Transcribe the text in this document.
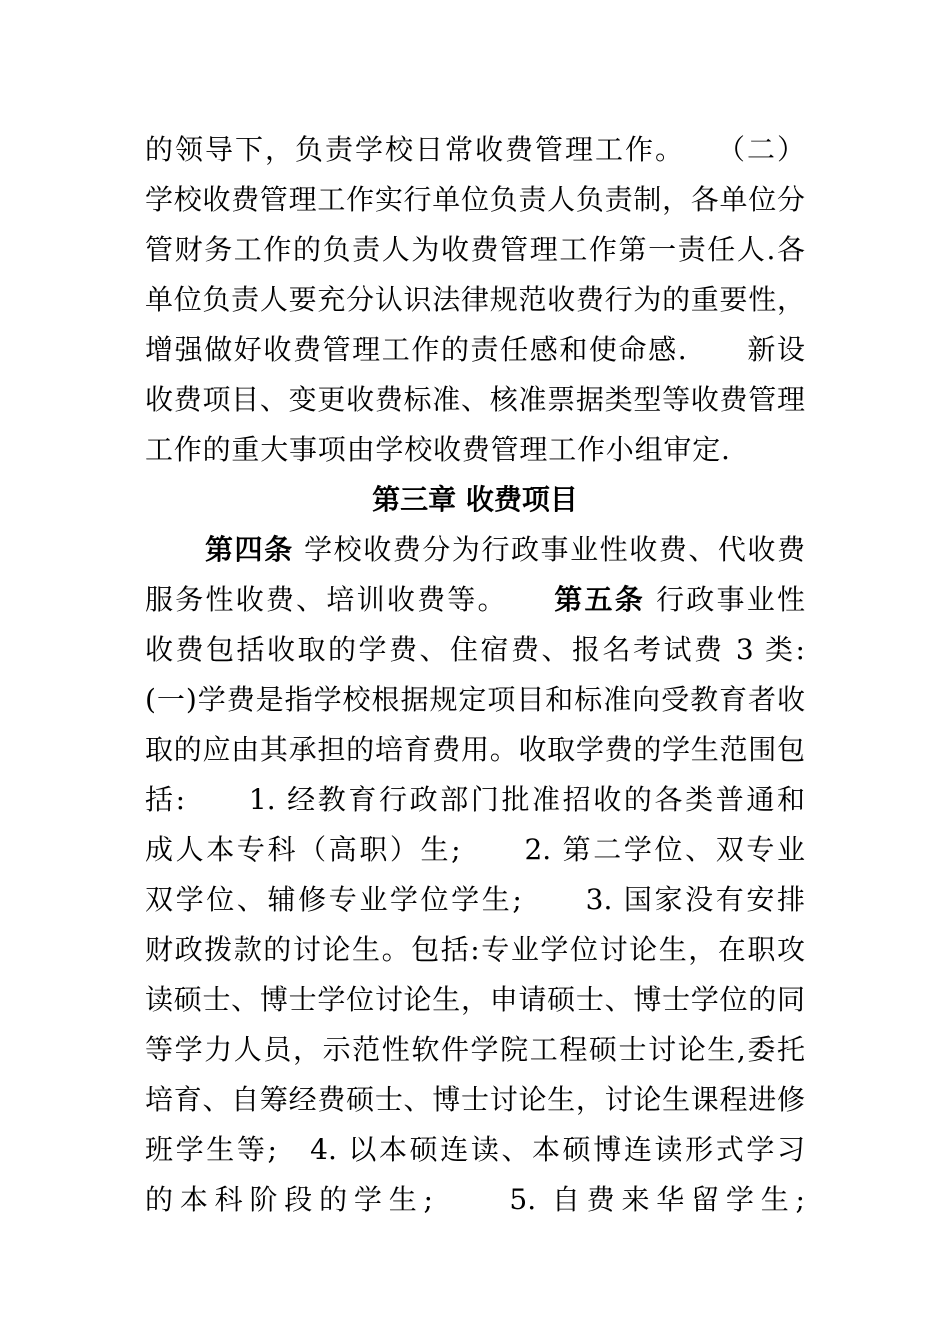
的领导下，负责学校日常收费管理工作。　　（二）
学校收费管理工作实行单位负责人负责制，各单位分
管财务工作的负责人为收费管理工作第一责任人.各
单位负责人要充分认识法律规范收费行为的重要性，
增强做好收费管理工作的责任感和使命感.　　新设
收费项目、变更收费标准、核准票据类型等收费管理
工作的重大事项由学校收费管理工作小组审定.
第三章 收费项目
第四条 学校收费分为行政事业性收费、代收费
服务性收费、培训收费等。　　第五条 行政事业性
收费包括收取的学费、住宿费、报名考试费 3 类:
(一)学费是指学校根据规定项目和标准向受教育者收
取的应由其承担的培育费用。收取学费的学生范围包
括:　　1. 经教育行政部门批准招收的各类普通和
成人本专科（高职）生;　　2. 第二学位、双专业
双学位、辅修专业学位学生;　　3. 国家没有安排
财政拨款的讨论生。包括:专业学位讨论生，在职攻
读硕士、博士学位讨论生，申请硕士、博士学位的同
等学力人员，示范性软件学院工程硕士讨论生,委托
培育、自筹经费硕士、博士讨论生，讨论生课程进修
班学生等;　4. 以本硕连读、本硕博连读形式学习
的本科阶段的学生;　　5. 自费来华留学生;
